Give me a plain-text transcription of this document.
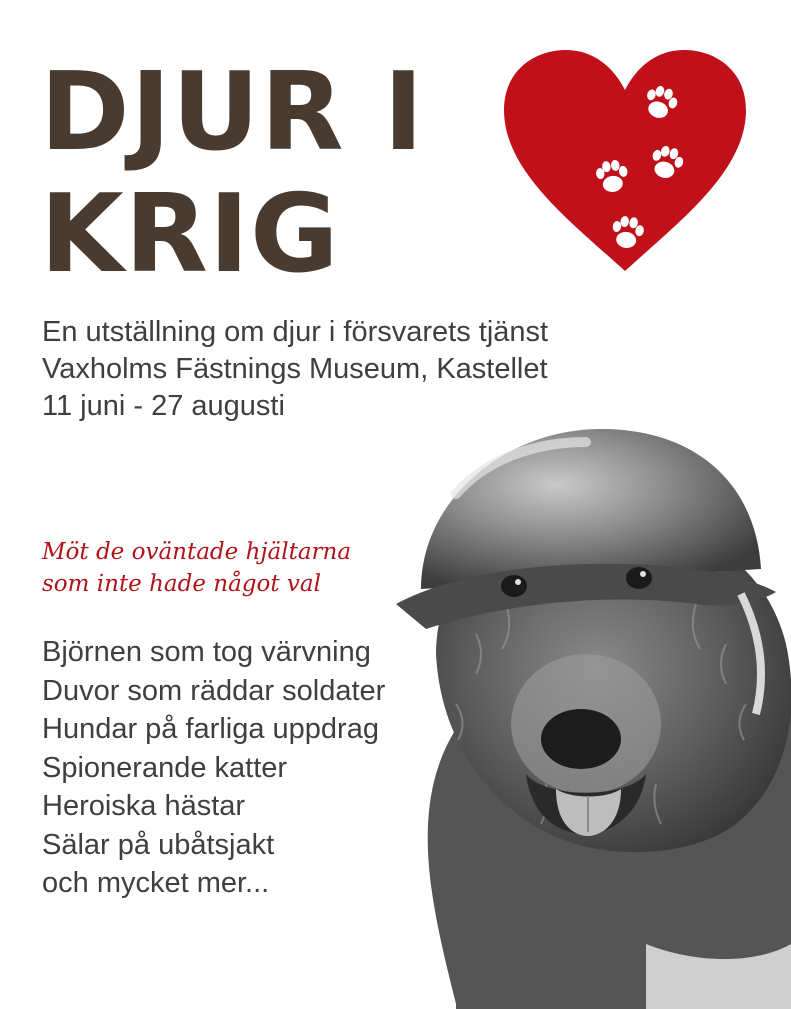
DJUR I
KRIG
En utställning om djur i försvarets tjänst
Vaxholms Fästnings Museum, Kastellet
11 juni - 27 augusti
Möt de oväntade hjältarna
som inte hade något val
Björnen som tog värvning
Duvor som räddar soldater
Hundar på farliga uppdrag
Spionerande katter
Heroiska hästar
Sälar på ubåtsjakt
och mycket mer...
